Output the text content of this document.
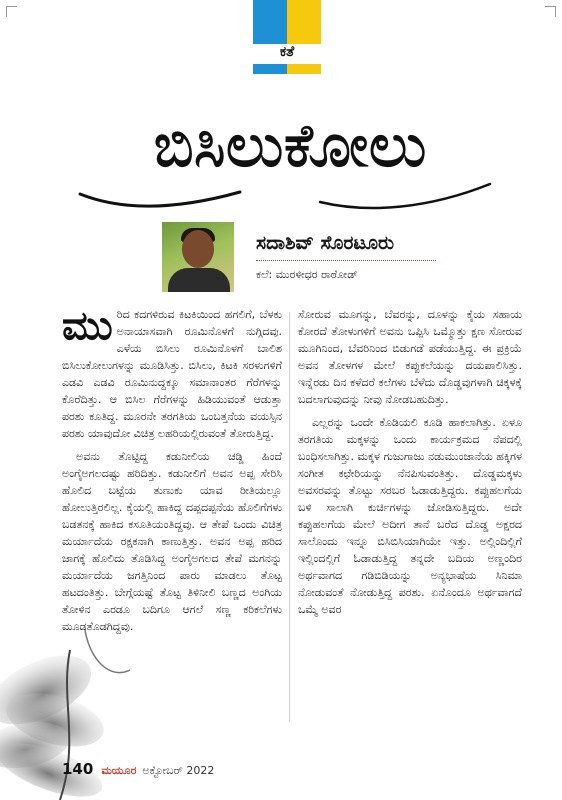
ಕತೆ
ಬಿಸಿಲುಕೋಲು
ಸದಾಶಿವ್ ಸೊರಟೂರು
ಕಲೆ: ಮುರಳೀಧರ ರಾಠೋಡ್

ಮುರಿದ ಕದಗಳಿರುವ ಕಿಟಕಿಯಿಂದ ಹಗಲಿಗೆ, ಬೆಳಕು ಅನಾಯಾಸವಾಗಿ ರೂಮಿನೊಳಗೆ ನುಗ್ಗಿದವು. ಎಳೆಯ ಬಿಸಿಲು ರೂಮಿನೊಳಗೆ ಬಾಲಿಶ ಬಿಸಿಲುಕೋಲುಗಳನ್ನು ಮೂಡಿಸಿತ್ತು. ಬಿಸಿಲು, ಕಿಟಕಿ ಸರಳುಗಳಿಗೆ ಎಡವಿ ಎಡವಿ ರೂಮಿನುದ್ದಕ್ಕೂ ಸಮಾನಾಂತರ ಗೆರೆಗಳನ್ನು ಕೊರೆದಿತ್ತು. ಆ ಬಿಸಿಲ ಗೆರೆಗಳನ್ನು ಹಿಡಿಯುವಂತೆ ಆಡುತ್ತಾ ಪರಶು ಕೂತಿದ್ದ. ಮೂರನೇ ತರಗತಿಯ ಒಂಬತ್ತನೆಯ ವಯಸ್ಸಿನ ಪರಶು ಯಾವುದೋ ವಿಚಿತ್ರ ಲಹರಿಯಲ್ಲಿರುವಂತೆ ತೋರುತ್ತಿದ್ದ.

ಅವನು ತೊಟ್ಟಿದ್ದ ಕಡುನೀಲಿಯ ಚಡ್ಡಿ ಹಿಂದೆ ಅಂಗೈಅಗಲದಷ್ಟು ಹರಿದಿತ್ತು. ಕಡುನೀಲಿಗೆ ಅವನ ಅಪ್ಪ ಸೇರಿಸಿ ಹೊಲಿದ ಬಟ್ಟೆಯ ತುಣುಕು ಯಾವ ರೀತಿಯಲ್ಲೂ ಹೋಲುತ್ತಿರಲಿಲ್ಲ. ಕೈಯಲ್ಲಿ ಹಾಕಿದ್ದ ದಪ್ಪದಪ್ಪನೆಯ ಹೊಲಿಗೆಗಳು ಬಡತನಕ್ಕೆ ಹಾಕಿದ ಕಸೂತಿಯಂತಿದ್ದವು. ಆ ತೇಪೆ ಒಂದು ವಿಚಿತ್ರ ಮರ್ಯಾದೆಯ ರಕ್ಷಕನಾಗಿ ಕಾಣುತ್ತಿತ್ತು. ಅವನ ಅಪ್ಪ ಹರಿದ ಜಾಗಕ್ಕೆ ಹೊಲಿದು ತೊಡಿಸಿದ್ದ ಅಂಗೈಅಗಲದ ತೇಪೆ ಮಗನನ್ನು ಮರ್ಯಾದೆಯ ಜಗತ್ತಿನಿಂದ ಪಾರು ಮಾಡಲು ತೊಟ್ಟ ಹಟದಂತಿತ್ತು. ಬೇಗ್ಗೆಯಷ್ಟೆ ತೊಟ್ಟ ತಿಳಿನೀಲಿ ಬಣ್ಣದ ಅಂಗಿಯ ತೋಳಿನ ಎರಡೂ ಬದಿಗೂ ಆಗಲೆ ಸಣ್ಣ ಕರಿಕಲೆಗಳು ಮೂಡತೊಡಗಿದ್ದವು.

ಸೋರುವ ಮೂಗನ್ನು, ಬೆವರನ್ನು, ದೂಳನ್ನು ಕೈಯ ಸಹಾಯ ಕೋರದೆ ತೋಳುಗಳಿಗೆ ಅವನು ಒಪ್ಪಿಸಿ ಒಮ್ಮೊತ್ತು ಕ್ಷಣ ಸೋರುವ ಮೂಗಿನಿಂದ, ಬೆವರಿನಿಂದ ಬಿಡುಗಡೆ ಪಡೆಯುತ್ತಿದ್ದ. ಈ ಪ್ರಕ್ರಿಯೆ ಅವನ ತೋಳಗಳ ಮೇಲೆ ಕಪ್ಪುಕಲೆಯನ್ನು ದಯಪಾಲಿಸಿತ್ತು. ಇನ್ನೆರಡು ದಿನ ಕಳೆದರೆ ಕಲೆಗಳು ಬೆಳೆದು ದೊಡ್ಡವುಗಳಾಗಿ ಚಿಕ್ಕಳಕ್ಕೆ ಬದಲಾಗುವುದನ್ನು ನೀವು ನೋಡಬಹುದಿತ್ತು.

ಎಲ್ಲರನ್ನು ಒಂದೇ ಕೊಡಿಯಲಿ ಕೂಡಿ ಹಾಕಲಾಗಿತ್ತು. ಏಳೂ ತರಗತಿಯ ಮಕ್ಕಳನ್ನು ಒಂದು ಕಾರ್ಯಕ್ರಮದ ನೆಪದಲ್ಲಿ ಬಂಧಿಸಲಾಗಿತ್ತು. ಮಕ್ಕಳ ಗುಜುಗಾಜು ನಡುಮುಂಜಾನೆಯ ಹಕ್ಕಿಗಳ ಸಂಗೀತ ಕಛೇರಿಯನ್ನು ನೆನಪಿಸುವಂತಿತ್ತು. ದೊಡ್ಡಮಕ್ಕಳು ಅವಸರವನ್ನು ತೊಟ್ಟು ಸರಬರ ಓಡಾಡುತ್ತಿದ್ದರು. ಕಪ್ಪುಹಲಗೆಯ ಬಳಿ ಸಾಲಾಗಿ ಕುರ್ಚಿಗಳನ್ನು ಜೋಡಿಸುತ್ತಿದ್ದರು. ಅದೇ ಕಪ್ಪುಹಲಗೆಯ ಮೇಲೆ ಅದೀಗ ತಾನೆ ಬರೆದ ದೊಡ್ಡ ಅಕ್ಷರದ ಸಾಲೊಂದು ಇನ್ನೂ ಬಿಸಿಬಿಸಿಯಾಗಿಯೇ ಇತ್ತು. ಅಲ್ಲಿಂದಿಲ್ಲಿಗೆ ಇಲ್ಲಿಂದಲ್ಲಿಗೆ ಓಡಾಡುತ್ತಿದ್ದ ತನ್ನದೇ ಬದಿಯ ಅಣ್ಣಂದಿರ ಅರ್ಥವಾಗದ ಗಡಿಬಿಡಿಯನ್ನು ಅನ್ಯಭಾಷೆಯ ಸಿನಿಮಾ ನೋಡುವಂತೆ ನೋಡುತ್ತಿದ್ದ ಪರಶು. ಏನೊಂದೂ ಅರ್ಥವಾಗದೆ ಒಮ್ಮೆ ಅವರ

140 ಮಯೂರ ಅಕ್ಟೋಬರ್ 2022
